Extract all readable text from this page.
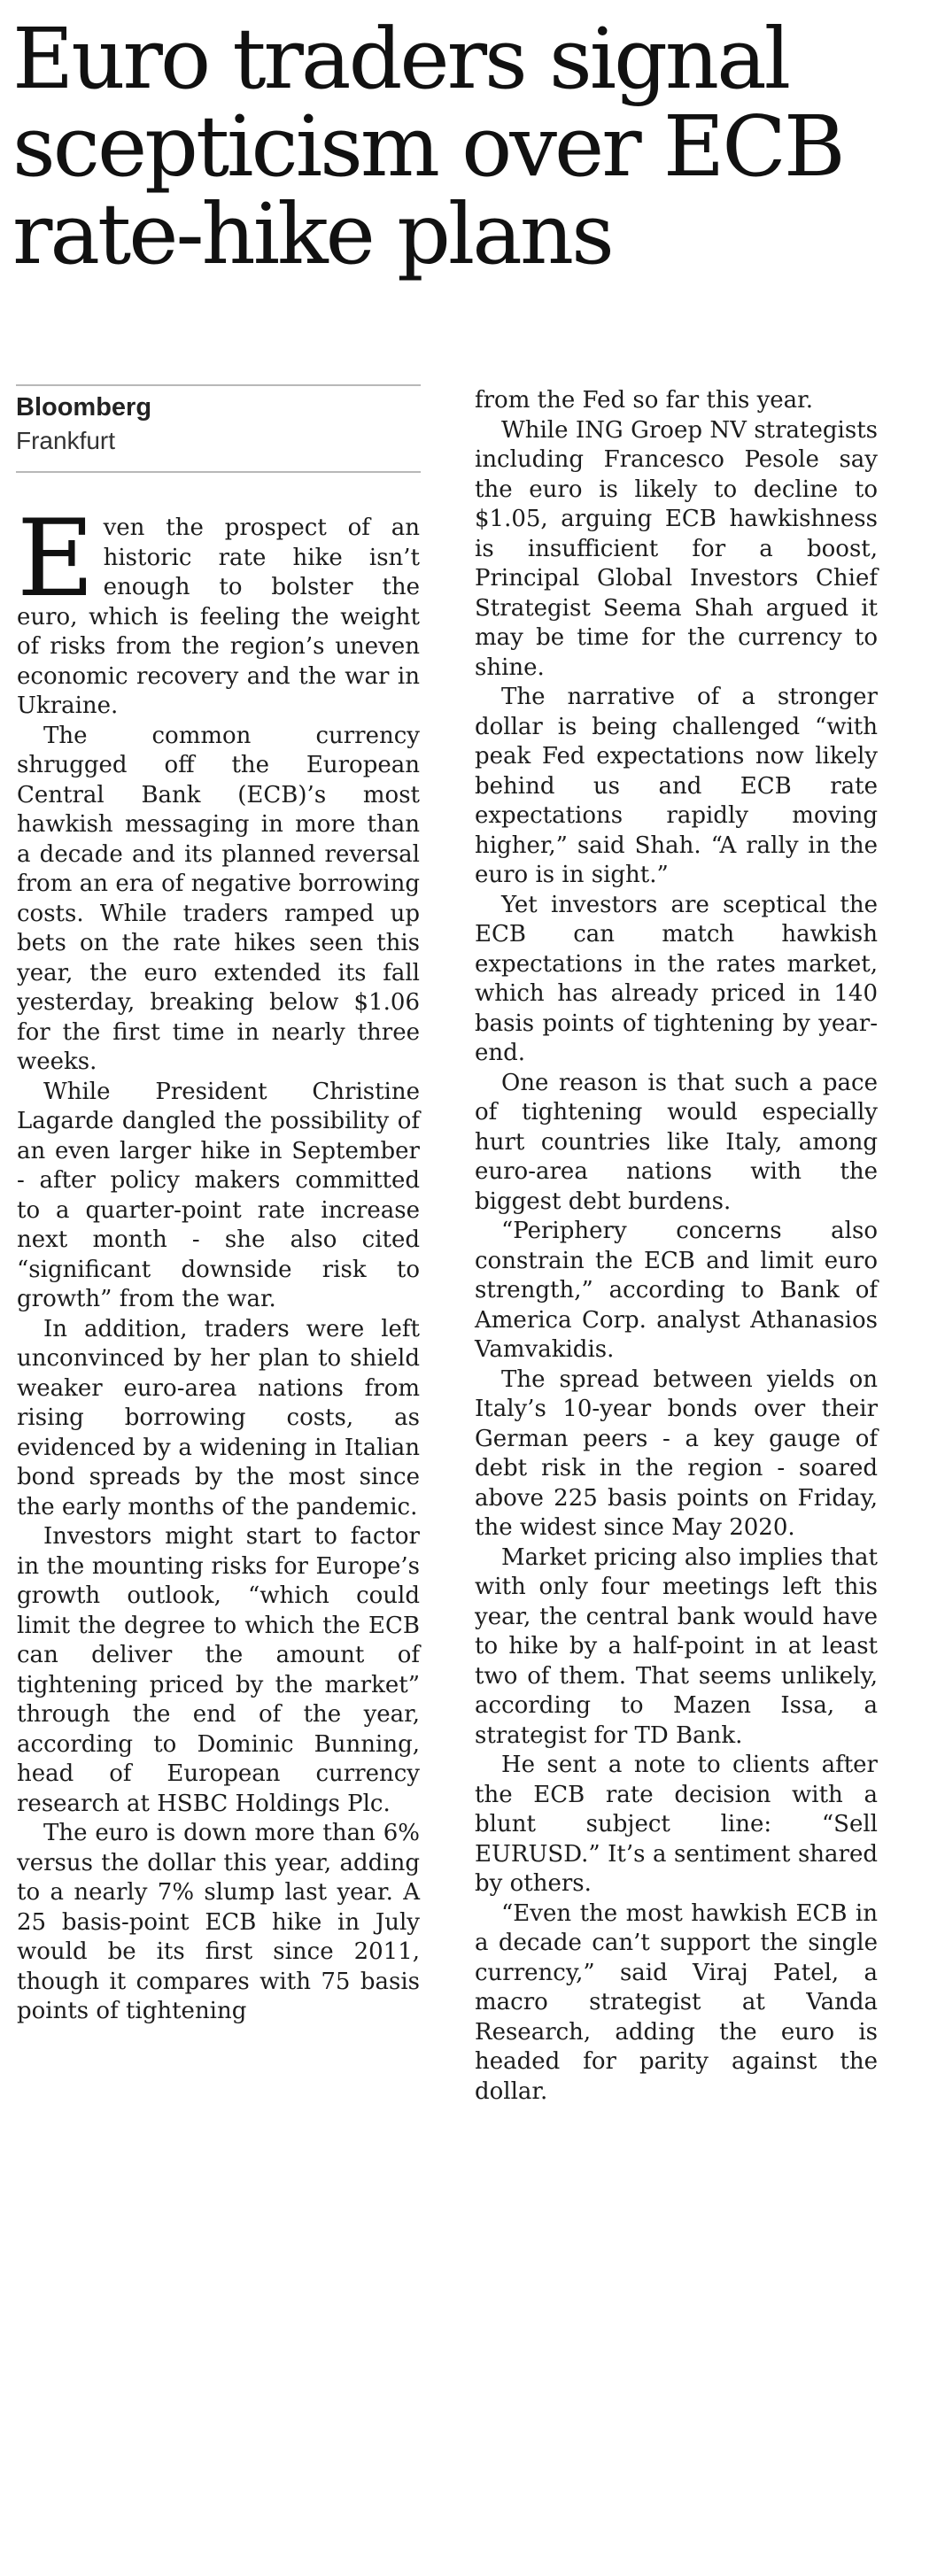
Euro traders signal scepticism over ECB rate-hike plans
Bloomberg
Frankfurt

Even the prospect of an historic rate hike isn’t enough to bolster the euro, which is feeling the weight of risks from the region’s uneven economic recovery and the war in Ukraine.

The common currency shrugged off the European Central Bank (ECB)’s most hawkish messaging in more than a decade and its planned reversal from an era of negative borrowing costs. While traders ramped up bets on the rate hikes seen this year, the euro extended its fall yesterday, breaking below $1.06 for the first time in nearly three weeks.

While President Christine Lagarde dangled the possibility of an even larger hike in September - after policy makers committed to a quarter-point rate increase next month - she also cited “significant downside risk to growth” from the war.

In addition, traders were left unconvinced by her plan to shield weaker euro-area nations from rising borrowing costs, as evidenced by a widening in Italian bond spreads by the most since the early months of the pandemic.

Investors might start to factor in the mounting risks for Europe’s growth outlook, “which could limit the degree to which the ECB can deliver the amount of tightening priced by the market” through the end of the year, according to Dominic Bunning, head of European currency research at HSBC Holdings Plc.

The euro is down more than 6% versus the dollar this year, adding to a nearly 7% slump last year. A 25 basis-point ECB hike in July would be its first since 2011, though it compares with 75 basis points of tightening

from the Fed so far this year.

While ING Groep NV strategists including Francesco Pesole say the euro is likely to decline to $1.05, arguing ECB hawkishness is insufficient for a boost, Principal Global Investors Chief Strategist Seema Shah argued it may be time for the currency to shine.

The narrative of a stronger dollar is being challenged “with peak Fed expectations now likely behind us and ECB rate expectations rapidly moving higher,” said Shah. “A rally in the euro is in sight.”

Yet investors are sceptical the ECB can match hawkish expectations in the rates market, which has already priced in 140 basis points of tightening by year-end.

One reason is that such a pace of tightening would especially hurt countries like Italy, among euro-area nations with the biggest debt burdens.

“Periphery concerns also constrain the ECB and limit euro strength,” according to Bank of America Corp. analyst Athanasios Vamvakidis.

The spread between yields on Italy’s 10-year bonds over their German peers - a key gauge of debt risk in the region - soared above 225 basis points on Friday, the widest since May 2020.

Market pricing also implies that with only four meetings left this year, the central bank would have to hike by a half-point in at least two of them. That seems unlikely, according to Mazen Issa, a strategist for TD Bank.

He sent a note to clients after the ECB rate decision with a blunt subject line: “Sell EURUSD.” It’s a sentiment shared by others.

“Even the most hawkish ECB in a decade can’t support the single currency,” said Viraj Patel, a macro strategist at Vanda Research, adding the euro is headed for parity against the dollar.
